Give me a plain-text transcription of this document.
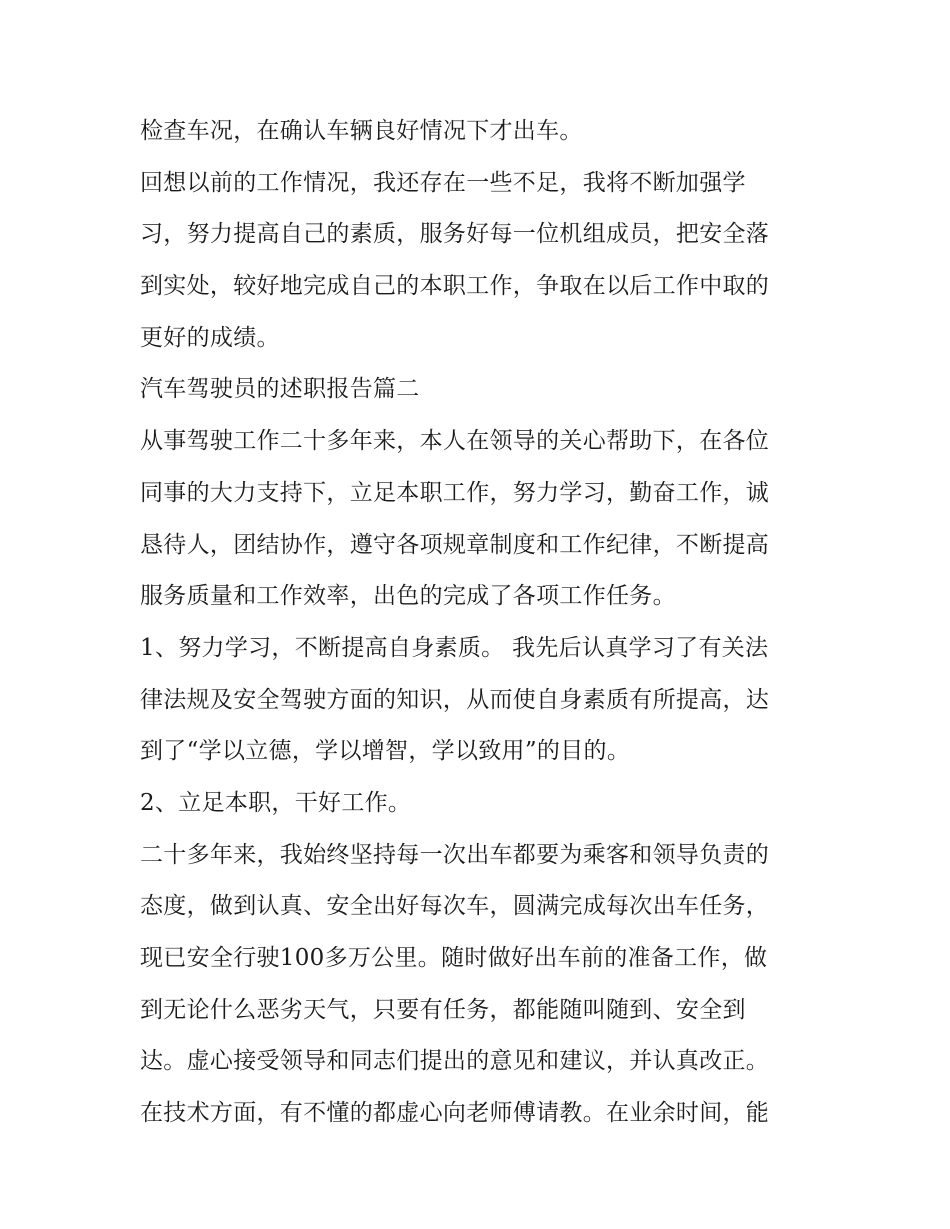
检查车况，在确认车辆良好情况下才出车。
回想以前的工作情况，我还存在一些不足，我将不断加强学
习，努力提高自己的素质，服务好每一位机组成员，把安全落
到实处，较好地完成自己的本职工作，争取在以后工作中取的
更好的成绩。
汽车驾驶员的述职报告篇二
从事驾驶工作二十多年来，本人在领导的关心帮助下，在各位
同事的大力支持下，立足本职工作，努力学习，勤奋工作，诚
恳待人，团结协作，遵守各项规章制度和工作纪律，不断提高
服务质量和工作效率，出色的完成了各项工作任务。
1、努力学习，不断提高自身素质。 我先后认真学习了有关法
律法规及安全驾驶方面的知识，从而使自身素质有所提高，达
到了“学以立德，学以增智，学以致用”的目的。
2、立足本职，干好工作。
二十多年来，我始终坚持每一次出车都要为乘客和领导负责的
态度，做到认真、安全出好每次车，圆满完成每次出车任务，
现已安全行驶100多万公里。随时做好出车前的准备工作，做
到无论什么恶劣天气，只要有任务，都能随叫随到、安全到
达。虚心接受领导和同志们提出的意见和建议，并认真改正。
在技术方面，有不懂的都虚心向老师傅请教。在业余时间，能
